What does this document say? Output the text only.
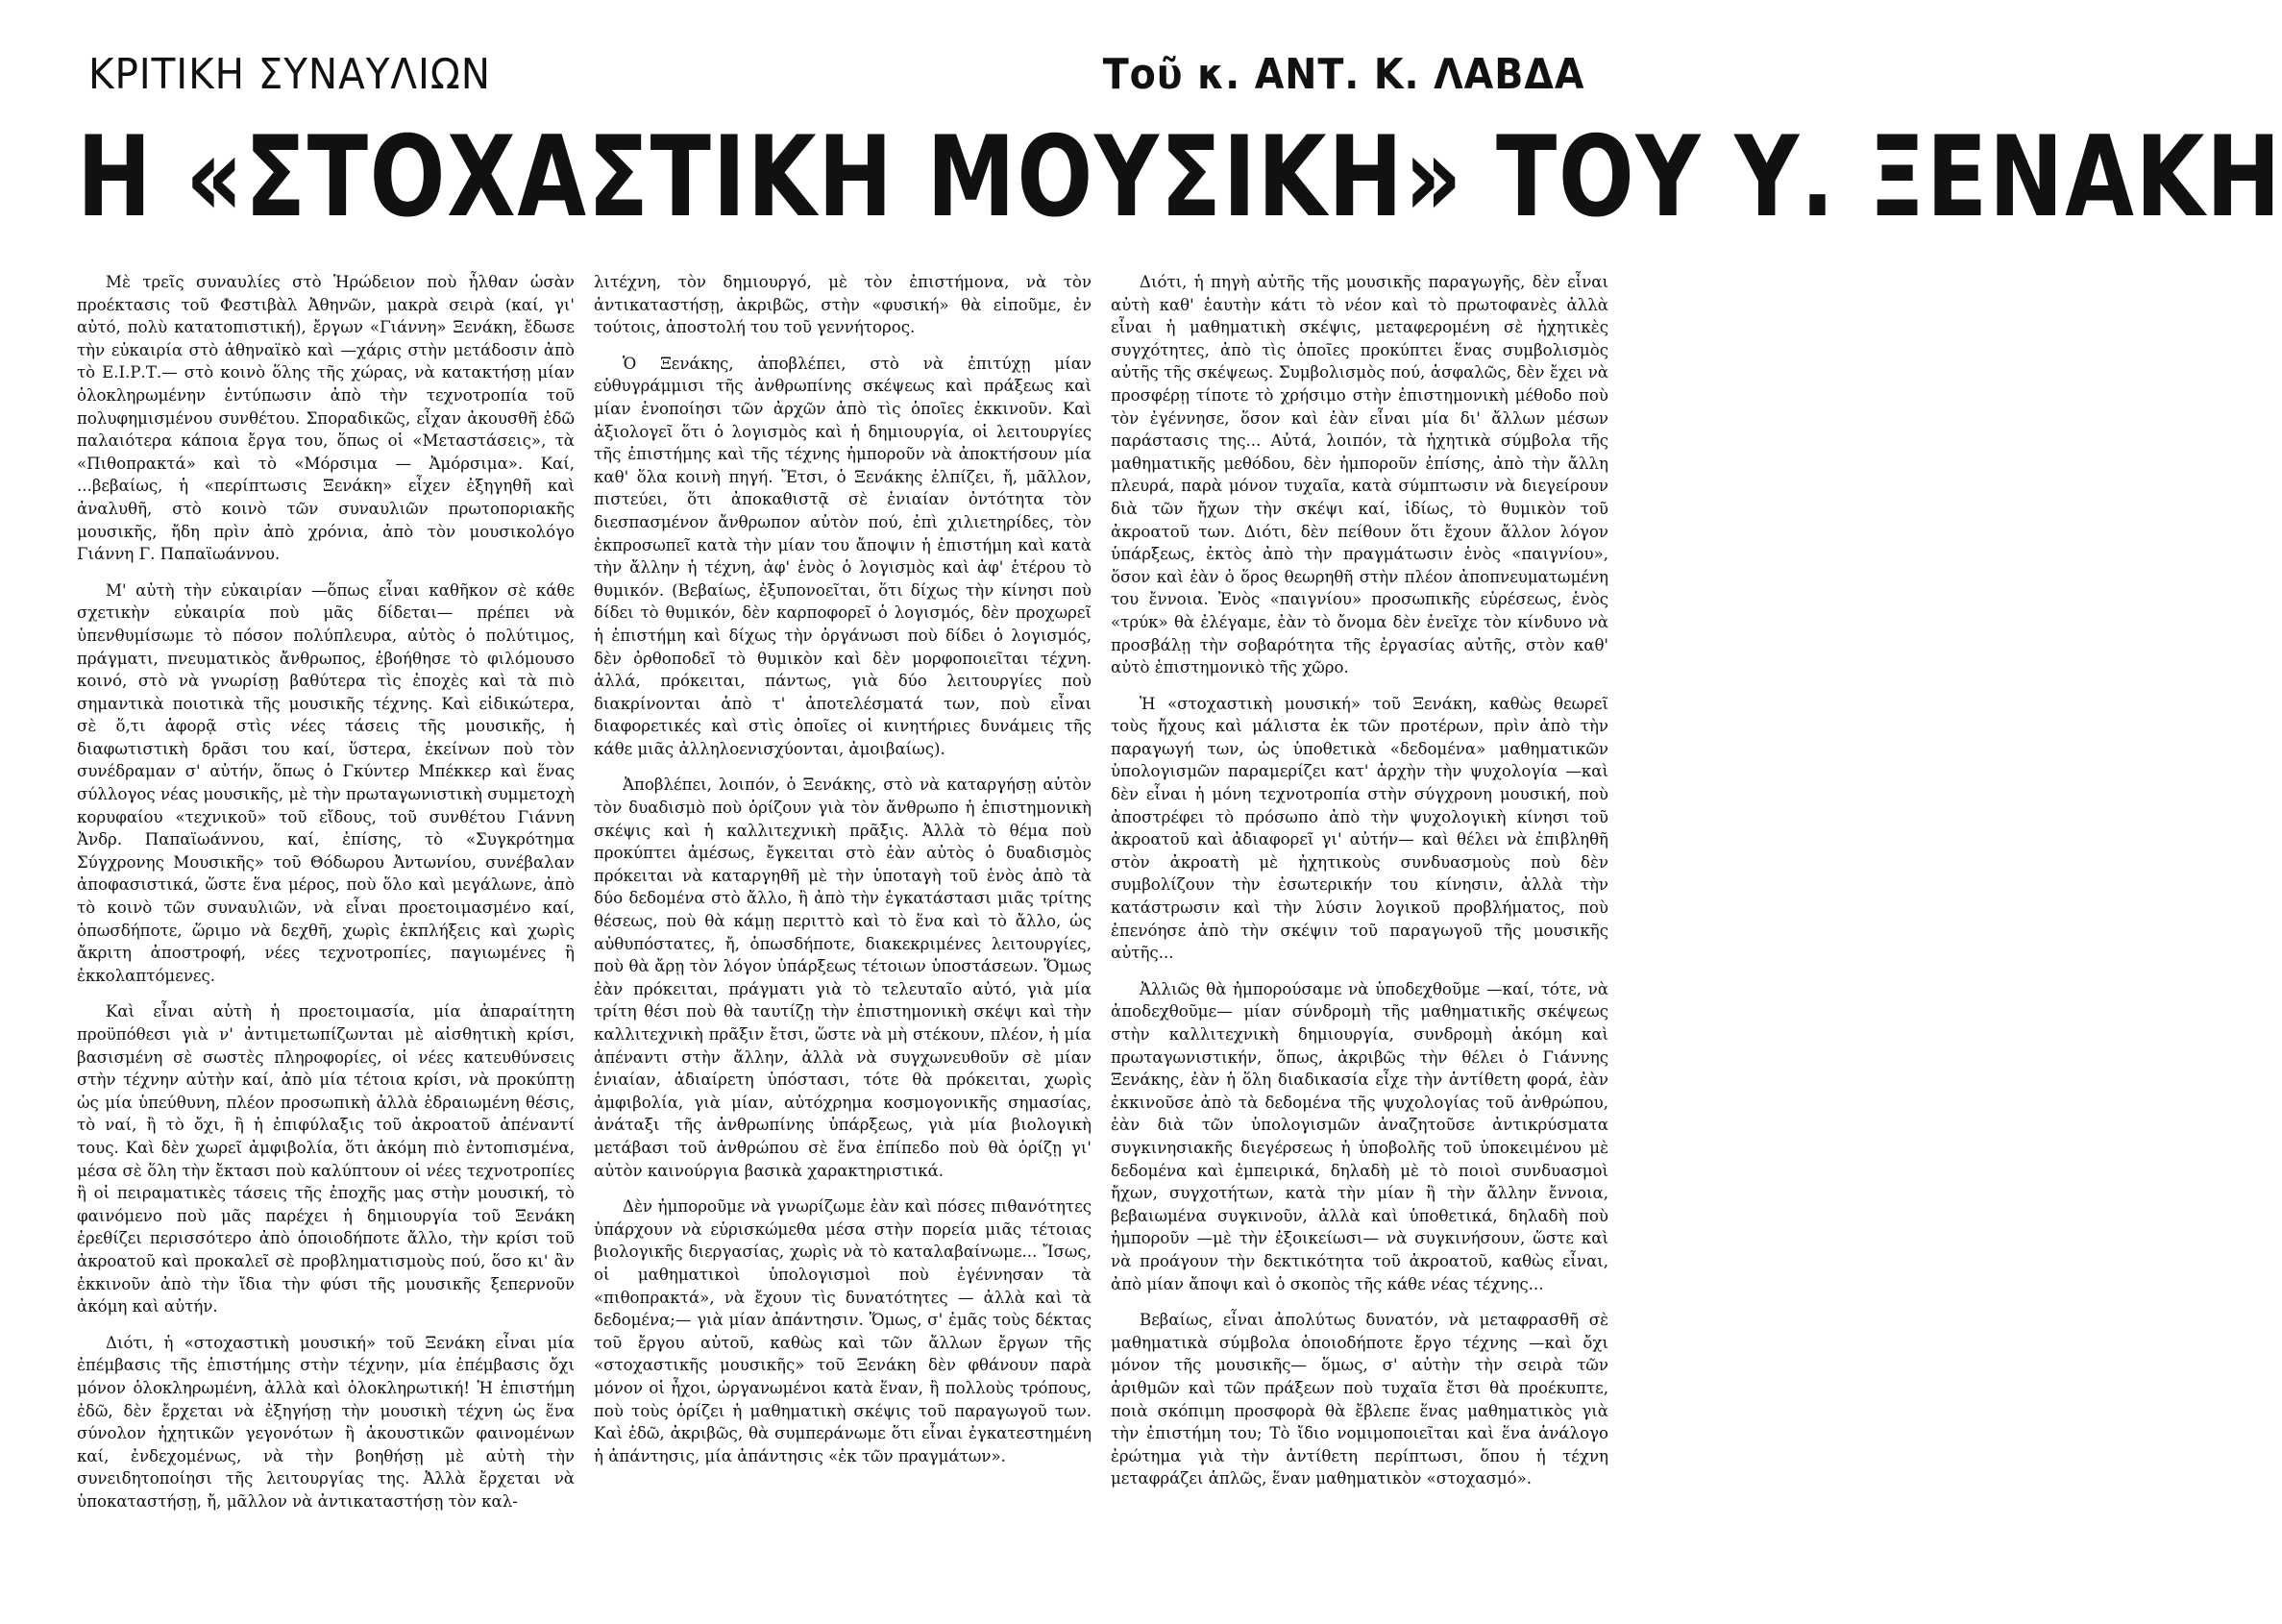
ΚΡΙΤΙΚΗ ΣΥΝΑΥΛΙΩΝ	Τοῦ κ. ΑΝΤ. Κ. ΛΑΒΔΑ
Η «ΣΤΟΧΑΣΤΙΚΗ ΜΟΥΣΙΚΗ» ΤΟΥ Υ. ΞΕΝΑΚΗ

Μὲ τρεῖς συναυλίες στὸ Ἡρώδειον ποὺ ἦλθαν ὡσὰν προέκτασις τοῦ Φεστιβὰλ Ἀθηνῶν, μακρὰ σειρὰ (καί, γι' αὐτό, πολὺ κατατοπιστική), ἔργων «Γιάννη» Ξενάκη, ἔδωσε τὴν εὐκαιρία στὸ ἀθηναϊκὸ καὶ —χάρις στὴν μετάδοσιν ἀπὸ τὸ Ε.Ι.Ρ.Τ.— στὸ κοινὸ ὅλης τῆς χώρας, νὰ κατακτήσῃ μίαν ὁλοκληρωμένην ἐντύπωσιν ἀπὸ τὴν τεχνοτροπία τοῦ πολυφημισμένου συνθέτου. Σποραδικῶς, εἶχαν ἀκουσθῆ ἐδῶ παλαιότερα κάποια ἔργα του, ὅπως οἱ «Μεταστάσεις», τὰ «Πιθοπρακτά» καὶ τὸ «Μόρσιμα — Ἀμόρσιμα». Καί, ...βεβαίως, ἡ «περίπτωσις Ξενάκη» εἶχεν ἐξηγηθῆ καὶ ἀναλυθῆ, στὸ κοινὸ τῶν συναυλιῶν πρωτοποριακῆς μουσικῆς, ἤδη πρὶν ἀπὸ χρόνια, ἀπὸ τὸν μουσικολόγο Γιάννη Γ. Παπαϊωάννου.

Μ' αὐτὴ τὴν εὐκαιρίαν —ὅπως εἶναι καθῆκον σὲ κάθε σχετικὴν εὐκαιρία ποὺ μᾶς δίδεται— πρέπει νὰ ὑπενθυμίσωμε τὸ πόσον πολύπλευρα, αὐτὸς ὁ πολύτιμος, πράγματι, πνευματικὸς ἄνθρωπος, ἐβοήθησε τὸ φιλόμουσο κοινό, στὸ νὰ γνωρίσῃ βαθύτερα τὶς ἐποχὲς καὶ τὰ πιὸ σημαντικὰ ποιοτικὰ τῆς μουσικῆς τέχνης. Καὶ εἰδικώτερα, σὲ ὅ,τι ἀφορᾷ στὶς νέες τάσεις τῆς μουσικῆς, ἡ διαφωτιστικὴ δρᾶσι του καί, ὕστερα, ἐκείνων ποὺ τὸν συνέδραμαν σ' αὐτήν, ὅπως ὁ Γκύντερ Μπέκκερ καὶ ἕνας σύλλογος νέας μουσικῆς, μὲ τὴν πρωταγωνιστικὴ συμμετοχὴ κορυφαίου «τεχνικοῦ» τοῦ εἴδους, τοῦ συνθέτου Γιάννη Ἀνδρ. Παπαϊωάννου, καί, ἐπίσης, τὸ «Συγκρότημα Σύγχρονης Μουσικῆς» τοῦ Θόδωρου Ἀντωνίου, συνέβαλαν ἀποφασιστικά, ὥστε ἕνα μέρος, ποὺ ὅλο καὶ μεγάλωνε, ἀπὸ τὸ κοινὸ τῶν συναυλιῶν, νὰ εἶναι προετοιμασμένο καί, ὁπωσδήποτε, ὥριμο νὰ δεχθῆ, χωρὶς ἐκπλήξεις καὶ χωρὶς ἄκριτη ἀποστροφή, νέες τεχνοτροπίες, παγιωμένες ἢ ἐκκολαπτόμενες.

Καὶ εἶναι αὐτὴ ἡ προετοιμασία, μία ἀπαραίτητη προϋπόθεσι γιὰ ν' ἀντιμετωπίζωνται μὲ αἰσθητικὴ κρίσι, βασισμένη σὲ σωστὲς πληροφορίες, οἱ νέες κατευθύνσεις στὴν τέχνην αὐτὴν καί, ἀπὸ μία τέτοια κρίσι, νὰ προκύπτῃ ὡς μία ὑπεύθυνη, πλέον προσωπικὴ ἀλλὰ ἑδραιωμένη θέσις, τὸ ναί, ἢ τὸ ὄχι, ἢ ἡ ἐπιφύλαξις τοῦ ἀκροατοῦ ἀπέναντί τους. Καὶ δὲν χωρεῖ ἀμφιβολία, ὅτι ἀκόμη πιὸ ἐντοπισμένα, μέσα σὲ ὅλη τὴν ἔκτασι ποὺ καλύπτουν οἱ νέες τεχνοτροπίες ἢ οἱ πειραματικὲς τάσεις τῆς ἐποχῆς μας στὴν μουσική, τὸ φαινόμενο ποὺ μᾶς παρέχει ἡ δημιουργία τοῦ Ξενάκη ἐρεθίζει περισσότερο ἀπὸ ὁποιοδήποτε ἄλλο, τὴν κρίσι τοῦ ἀκροατοῦ καὶ προκαλεῖ σὲ προβληματισμοὺς πού, ὅσο κι' ἂν ἐκκινοῦν ἀπὸ τὴν ἴδια τὴν φύσι τῆς μουσικῆς ξεπερνοῦν ἀκόμη καὶ αὐτήν.

Διότι, ἡ «στοχαστικὴ μουσική» τοῦ Ξενάκη εἶναι μία ἐπέμβασις τῆς ἐπιστήμης στὴν τέχνην, μία ἐπέμβασις ὄχι μόνον ὁλοκληρωμένη, ἀλλὰ καὶ ὁλοκληρωτική! Ἡ ἐπιστήμη ἐδῶ, δὲν ἔρχεται νὰ ἐξηγήσῃ τὴν μουσικὴ τέχνη ὡς ἕνα σύνολον ἠχητικῶν γεγονότων ἢ ἀκουστικῶν φαινομένων καί, ἐνδεχομένως, νὰ τὴν βοηθήσῃ μὲ αὐτὴ τὴν συνειδητοποίησι τῆς λειτουργίας της. Ἀλλὰ ἔρχεται νὰ ὑποκαταστήσῃ, ἤ, μᾶλλον νὰ ἀντικαταστήσῃ τὸν καλ-

λιτέχνη, τὸν δημιουργό, μὲ τὸν ἐπιστήμονα, νὰ τὸν ἀντικαταστήσῃ, ἀκριβῶς, στὴν «φυσική» θὰ εἰποῦμε, ἐν τούτοις, ἀποστολή του τοῦ γεννήτορος.

Ὁ Ξενάκης, ἀποβλέπει, στὸ νὰ ἐπιτύχῃ μίαν εὐθυγράμμισι τῆς ἀνθρωπίνης σκέψεως καὶ πράξεως καὶ μίαν ἑνοποίησι τῶν ἀρχῶν ἀπὸ τὶς ὁποῖες ἐκκινοῦν. Καὶ ἀξιολογεῖ ὅτι ὁ λογισμὸς καὶ ἡ δημιουργία, οἱ λειτουργίες τῆς ἐπιστήμης καὶ τῆς τέχνης ἠμποροῦν νὰ ἀποκτήσουν μία καθ' ὅλα κοινὴ πηγή. Ἔτσι, ὁ Ξενάκης ἐλπίζει, ἤ, μᾶλλον, πιστεύει, ὅτι ἀποκαθιστᾷ σὲ ἑνιαίαν ὀντότητα τὸν διεσπασμένον ἄνθρωπον αὐτὸν πού, ἐπὶ χιλιετηρίδες, τὸν ἐκπροσωπεῖ κατὰ τὴν μίαν του ἄποψιν ἡ ἐπιστήμη καὶ κατὰ τὴν ἄλλην ἡ τέχνη, ἀφ' ἑνὸς ὁ λογισμὸς καὶ ἀφ' ἑτέρου τὸ θυμικόν. (Βεβαίως, ἐξυπονοεῖται, ὅτι δίχως τὴν κίνησι ποὺ δίδει τὸ θυμικόν, δὲν καρποφορεῖ ὁ λογισμός, δὲν προχωρεῖ ἡ ἐπιστήμη καὶ δίχως τὴν ὀργάνωσι ποὺ δίδει ὁ λογισμός, δὲν ὀρθοποδεῖ τὸ θυμικὸν καὶ δὲν μορφοποιεῖται τέχνη. ἀλλά, πρόκειται, πάντως, γιὰ δύο λειτουργίες ποὺ διακρίνονται ἀπὸ τ' ἀποτελέσματά των, ποὺ εἶναι διαφορετικές καὶ στὶς ὁποῖες οἱ κινητήριες δυνάμεις τῆς κάθε μιᾶς ἀλληλοενισχύονται, ἀμοιβαίως).

Ἀποβλέπει, λοιπόν, ὁ Ξενάκης, στὸ νὰ καταργήσῃ αὐτὸν τὸν δυαδισμὸ ποὺ ὁρίζουν γιὰ τὸν ἄνθρωπο ἡ ἐπιστημονικὴ σκέψις καὶ ἡ καλλιτεχνικὴ πρᾶξις. Ἀλλὰ τὸ θέμα ποὺ προκύπτει ἀμέσως, ἔγκειται στὸ ἐὰν αὐτὸς ὁ δυαδισμὸς πρόκειται νὰ καταργηθῆ μὲ τὴν ὑποταγὴ τοῦ ἑνὸς ἀπὸ τὰ δύο δεδομένα στὸ ἄλλο, ἢ ἀπὸ τὴν ἐγκατάστασι μιᾶς τρίτης θέσεως, ποὺ θὰ κάμῃ περιττὸ καὶ τὸ ἕνα καὶ τὸ ἄλλο, ὡς αὐθυπόστατες, ἤ, ὁπωσδήποτε, διακεκριμένες λειτουργίες, ποὺ θὰ ἄρῃ τὸν λόγον ὑπάρξεως τέτοιων ὑποστάσεων. Ὅμως ἐὰν πρόκειται, πράγματι γιὰ τὸ τελευταῖο αὐτό, γιὰ μία τρίτη θέσι ποὺ θὰ ταυτίζῃ τὴν ἐπιστημονικὴ σκέψι καὶ τὴν καλλιτεχνικὴ πρᾶξιν ἔτσι, ὥστε νὰ μὴ στέκουν, πλέον, ἡ μία ἀπέναντι στὴν ἄλλην, ἀλλὰ νὰ συγχωνευθοῦν σὲ μίαν ἑνιαίαν, ἀδιαίρετη ὑπόστασι, τότε θὰ πρόκειται, χωρὶς ἀμφιβολία, γιὰ μίαν, αὐτόχρημα κοσμογονικῆς σημασίας, ἀνάταξι τῆς ἀνθρωπίνης ὑπάρξεως, γιὰ μία βιολογικὴ μετάβασι τοῦ ἀνθρώπου σὲ ἕνα ἐπίπεδο ποὺ θὰ ὁρίζῃ γι' αὐτὸν καινούργια βασικὰ χαρακτηριστικά.

Δὲν ἠμποροῦμε νὰ γνωρίζωμε ἐὰν καὶ πόσες πιθανότητες ὑπάρχουν νὰ εὑρισκώμεθα μέσα στὴν πορεία μιᾶς τέτοιας βιολογικῆς διεργασίας, χωρὶς νὰ τὸ καταλαβαίνωμε... Ἴσως, οἱ μαθηματικοὶ ὑπολογισμοὶ ποὺ ἐγέννησαν τὰ «πιθοπρακτά», νὰ ἔχουν τὶς δυνατότητες — ἀλλὰ καὶ τὰ δεδομένα;— γιὰ μίαν ἀπάντησιν. Ὅμως, σ' ἐμᾶς τοὺς δέκτας τοῦ ἔργου αὐτοῦ, καθὼς καὶ τῶν ἄλλων ἔργων τῆς «στοχαστικῆς μουσικῆς» τοῦ Ξενάκη δὲν φθάνουν παρὰ μόνον οἱ ἦχοι, ὠργανωμένοι κατὰ ἕναν, ἢ πολλοὺς τρόπους, ποὺ τοὺς ὁρίζει ἡ μαθηματικὴ σκέψις τοῦ παραγωγοῦ των. Καὶ ἐδῶ, ἀκριβῶς, θὰ συμπεράνωμε ὅτι εἶναι ἐγκατεστημένη ἡ ἀπάντησις, μία ἀπάντησις «ἐκ τῶν πραγμάτων».

Διότι, ἡ πηγὴ αὐτῆς τῆς μουσικῆς παραγωγῆς, δὲν εἶναι αὐτὴ καθ' ἑαυτὴν κάτι τὸ νέον καὶ τὸ πρωτοφανὲς ἀλλὰ εἶναι ἡ μαθηματικὴ σκέψις, μεταφερομένη σὲ ἠχητικὲς συγχότητες, ἀπὸ τὶς ὁποῖες προκύπτει ἕνας συμβολισμὸς αὐτῆς τῆς σκέψεως. Συμβολισμὸς πού, ἀσφαλῶς, δὲν ἔχει νὰ προσφέρῃ τίποτε τὸ χρήσιμο στὴν ἐπιστημονικὴ μέθοδο ποὺ τὸν ἐγέννησε, ὅσον καὶ ἐὰν εἶναι μία δι' ἄλλων μέσων παράστασις της... Αὐτά, λοιπόν, τὰ ἠχητικὰ σύμβολα τῆς μαθηματικῆς μεθόδου, δὲν ἠμποροῦν ἐπίσης, ἀπὸ τὴν ἄλλη πλευρά, παρὰ μόνον τυχαῖα, κατὰ σύμπτωσιν νὰ διεγείρουν διὰ τῶν ἤχων τὴν σκέψι καί, ἰδίως, τὸ θυμικὸν τοῦ ἀκροατοῦ των. Διότι, δὲν πείθουν ὅτι ἔχουν ἄλλον λόγον ὑπάρξεως, ἐκτὸς ἀπὸ τὴν πραγμάτωσιν ἑνὸς «παιγνίου», ὅσον καὶ ἐὰν ὁ ὅρος θεωρηθῆ στὴν πλέον ἀποπνευματωμένη του ἔννοια. Ἑνὸς «παιγνίου» προσωπικῆς εὑρέσεως, ἑνὸς «τρύκ» θὰ ἐλέγαμε, ἐὰν τὸ ὄνομα δὲν ἐνεῖχε τὸν κίνδυνο νὰ προσβάλῃ τὴν σοβαρότητα τῆς ἐργασίας αὐτῆς, στὸν καθ' αὐτὸ ἐπιστημονικὸ τῆς χῶρο.

Ἡ «στοχαστικὴ μουσική» τοῦ Ξενάκη, καθὼς θεωρεῖ τοὺς ἤχους καὶ μάλιστα ἐκ τῶν προτέρων, πρὶν ἀπὸ τὴν παραγωγή των, ὡς ὑποθετικὰ «δεδομένα» μαθηματικῶν ὑπολογισμῶν παραμερίζει κατ' ἀρχὴν τὴν ψυχολογία —καὶ δὲν εἶναι ἡ μόνη τεχνοτροπία στὴν σύγχρονη μουσική, ποὺ ἀποστρέφει τὸ πρόσωπο ἀπὸ τὴν ψυχολογικὴ κίνησι τοῦ ἀκροατοῦ καὶ ἀδιαφορεῖ γι' αὐτήν— καὶ θέλει νὰ ἐπιβληθῆ στὸν ἀκροατὴ μὲ ἠχητικοὺς συνδυασμοὺς ποὺ δὲν συμβολίζουν τὴν ἐσωτερικήν του κίνησιν, ἀλλὰ τὴν κατάστρωσιν καὶ τὴν λύσιν λογικοῦ προβλήματος, ποὺ ἐπενόησε ἀπὸ τὴν σκέψιν τοῦ παραγωγοῦ τῆς μουσικῆς αὐτῆς...

Ἀλλιῶς θὰ ἠμπορούσαμε νὰ ὑποδεχθοῦμε —καί, τότε, νὰ ἀποδεχθοῦμε— μίαν σύνδρομὴ τῆς μαθηματικῆς σκέψεως στὴν καλλιτεχνικὴ δημιουργία, συνδρομὴ ἀκόμη καὶ πρωταγωνιστικήν, ὅπως, ἀκριβῶς τὴν θέλει ὁ Γιάννης Ξενάκης, ἐὰν ἡ ὅλη διαδικασία εἶχε τὴν ἀντίθετη φορά, ἐὰν ἐκκινοῦσε ἀπὸ τὰ δεδομένα τῆς ψυχολογίας τοῦ ἀνθρώπου, ἐὰν διὰ τῶν ὑπολογισμῶν ἀναζητοῦσε ἀντικρύσματα συγκινησιακῆς διεγέρσεως ἡ ὑποβολῆς τοῦ ὑποκειμένου μὲ δεδομένα καὶ ἐμπειρικά, δηλαδὴ μὲ τὸ ποιοὶ συνδυασμοὶ ἤχων, συγχοτήτων, κατὰ τὴν μίαν ἢ τὴν ἄλλην ἔννοια, βεβαιωμένα συγκινοῦν, ἀλλὰ καὶ ὑποθετικά, δηλαδὴ ποὺ ἠμποροῦν —μὲ τὴν ἐξοικείωσι— νὰ συγκινήσουν, ὥστε καὶ νὰ προάγουν τὴν δεκτικότητα τοῦ ἀκροατοῦ, καθὼς εἶναι, ἀπὸ μίαν ἄποψι καὶ ὁ σκοπὸς τῆς κάθε νέας τέχνης...

Βεβαίως, εἶναι ἀπολύτως δυνατόν, νὰ μεταφρασθῆ σὲ μαθηματικὰ σύμβολα ὁποιοδήποτε ἔργο τέχνης —καὶ ὄχι μόνον τῆς μουσικῆς— ὅμως, σ' αὐτὴν τὴν σειρὰ τῶν ἀριθμῶν καὶ τῶν πράξεων ποὺ τυχαῖα ἔτσι θὰ προέκυπτε, ποιὰ σκόπιμη προσφορὰ θὰ ἔβλεπε ἕνας μαθηματικὸς γιὰ τὴν ἐπιστήμη του; Τὸ ἴδιο νομιμοποιεῖται καὶ ἕνα ἀνάλογο ἐρώτημα γιὰ τὴν ἀντίθετη περίπτωσι, ὅπου ἡ τέχνη μεταφράζει ἁπλῶς, ἕναν μαθηματικὸν «στοχασμό».
